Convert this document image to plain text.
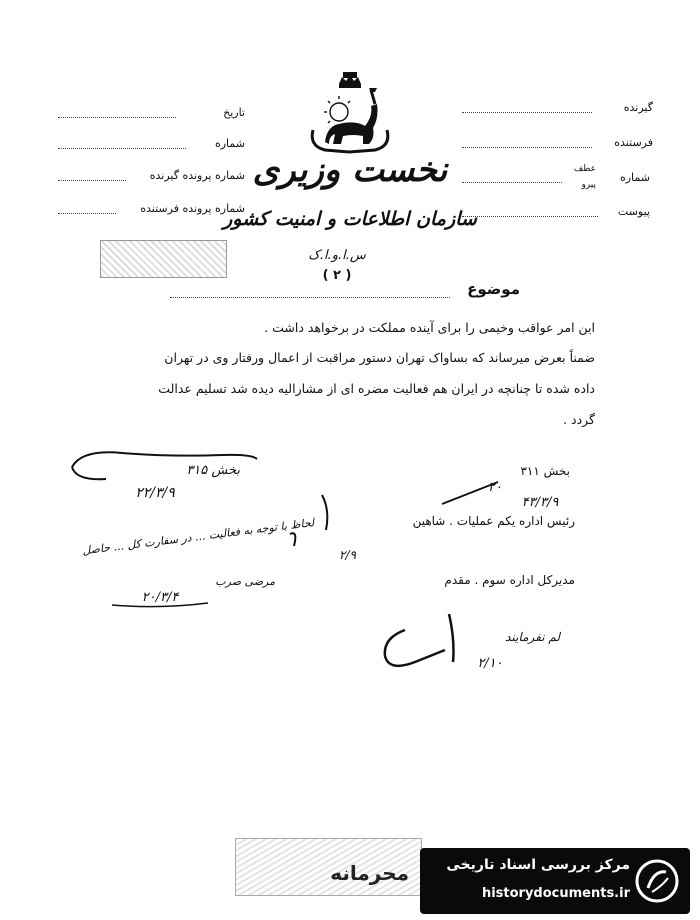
تاریخ
شماره
شماره پرونده گیرنده
شماره پرونده فرستنده
گیرنده
فرستنده
شماره
عطف
پیرو
پیوست
نخست وزیری
سازمان اطلاعات و امنیت کشور
س.ا.و.ا.ک
( ۲ )
موضوع
این امر عواقب وخیمی را برای آینده مملکت در برخواهد داشت .
ضمناً بعرض میرساند که بساواک تهران دستور مراقبت از اعمال ورفتار وی در تهران
داده شده تا چنانچه در ایران هم فعالیت مضره ای از مشارالیه دیده شد تسلیم عدالت
گردد .
بخش ۳۱۵
۲۲/۳/۹
لحاظ با توجه به فعالیت ... در سفارت کل ... حاصل
مرضی صرب
۲۰/۳/۴
۲/۹
بخش ۳۱۱
۲۰
۴۳/۳/۹
رئیس اداره یکم عملیات . شاهین
مدیرکل اداره سوم . مقدم
لم نفرمایند
۲/۱۰
محرمانه	مرکز بررسی اسناد تاریخی
historydocuments.ir
